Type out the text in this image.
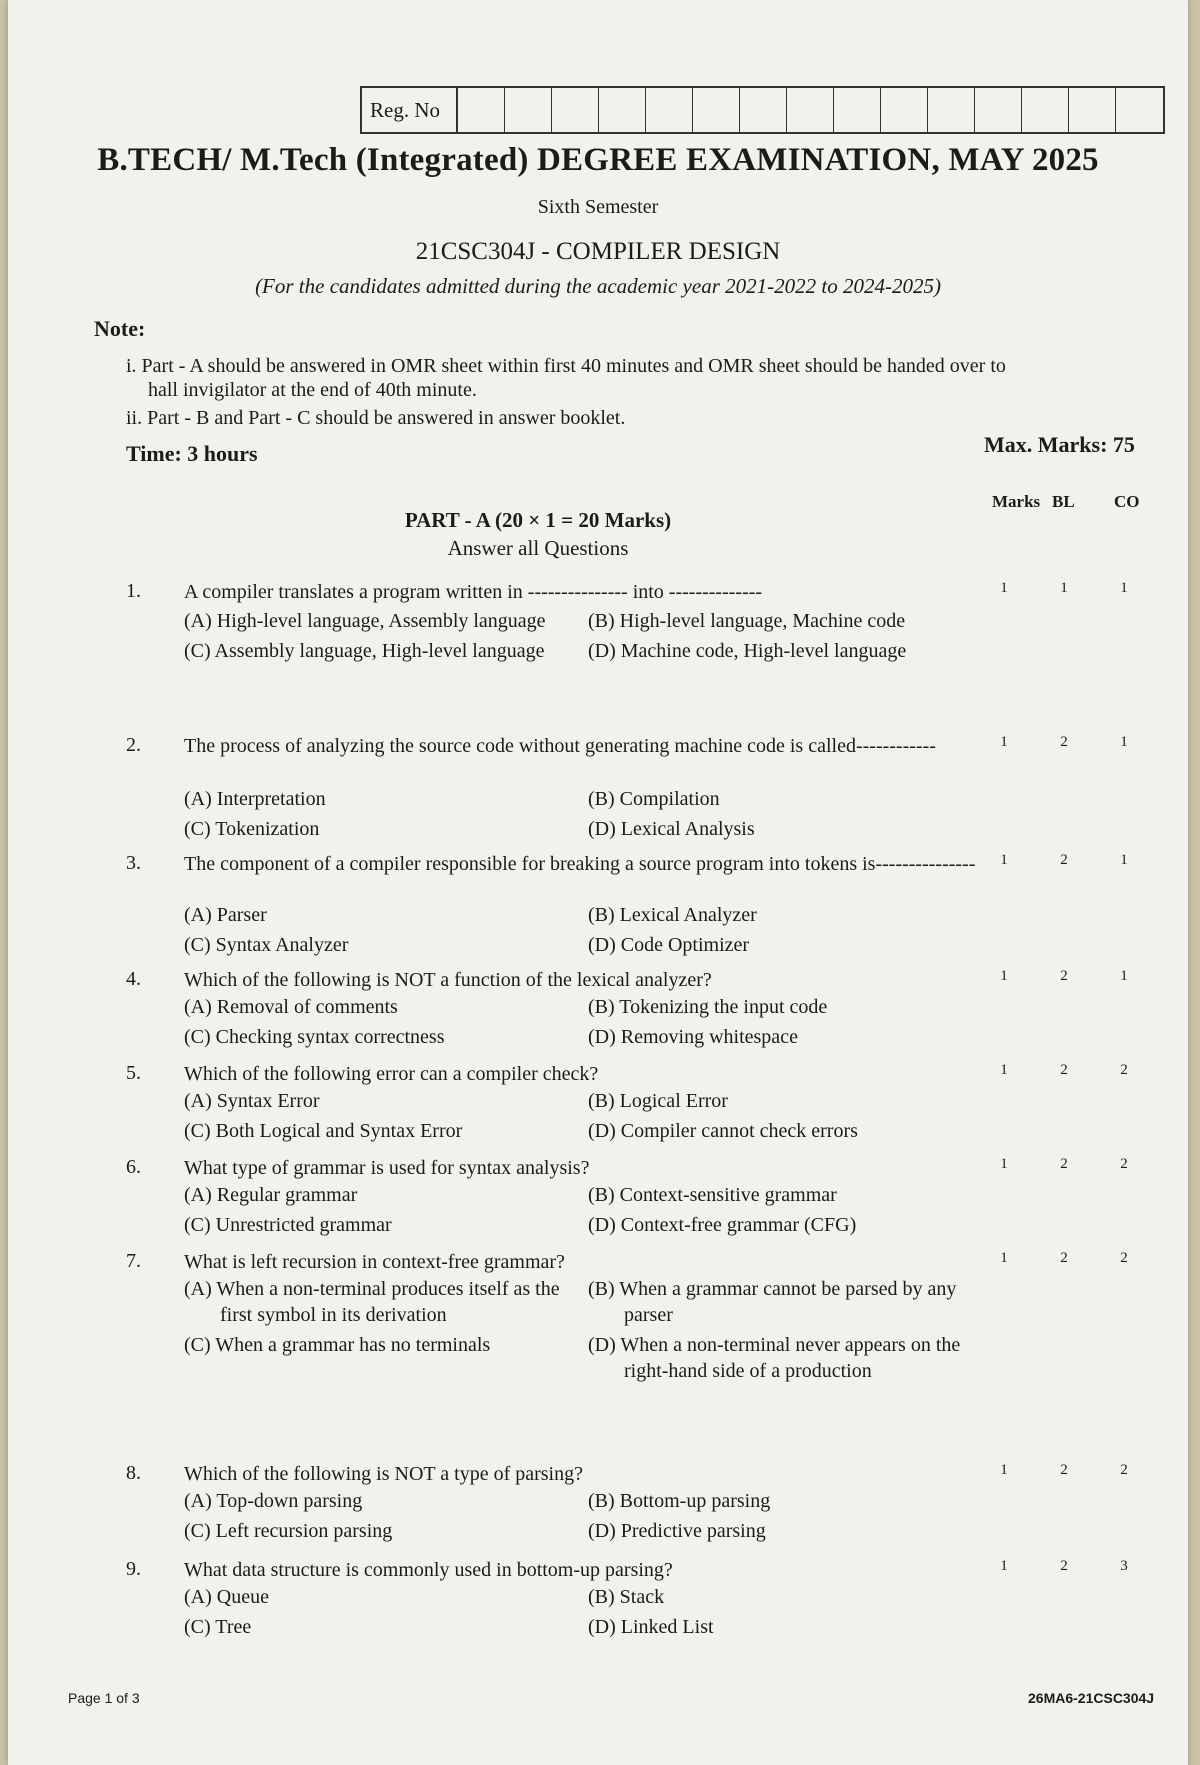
Reg. No
B.TECH/ M.Tech (Integrated) DEGREE EXAMINATION, MAY 2025
Sixth Semester
21CSC304J - COMPILER DESIGN
(For the candidates admitted during the academic year 2021-2022 to 2024-2025)
Note:
i. Part - A should be answered in OMR sheet within first 40 minutes and OMR sheet should be handed over to
hall invigilator at the end of 40th minute.
ii. Part - B and Part - C should be answered in answer booklet.
Time: 3 hours	Max. Marks: 75
Marks BL CO
PART - A (20 × 1 = 20 Marks)
Answer all Questions
1.	A compiler translates a program written in --------------- into --------------
(A) High-level language, Assembly language	(B) High-level language, Machine code
(C) Assembly language, High-level language	(D) Machine code, High-level language
1	1	1
2.	The process of analyzing the source code without generating machine code is called------------
(A) Interpretation	(B) Compilation
(C) Tokenization	(D) Lexical Analysis
1	2	1
3.	The component of a compiler responsible for breaking a source program into tokens is---------------
(A) Parser	(B) Lexical Analyzer
(C) Syntax Analyzer	(D) Code Optimizer
1	2	1
4.	Which of the following is NOT a function of the lexical analyzer?
(A) Removal of comments	(B) Tokenizing the input code
(C) Checking syntax correctness	(D) Removing whitespace
1	2	1
5.	Which of the following error can a compiler check?
(A) Syntax Error	(B) Logical Error
(C) Both Logical and Syntax Error	(D) Compiler cannot check errors
1	2	2
6.	What type of grammar is used for syntax analysis?
(A) Regular grammar	(B) Context-sensitive grammar
(C) Unrestricted grammar	(D) Context-free grammar (CFG)
1	2	2
7.	What is left recursion in context-free grammar?
(A) When a non-terminal produces itself as the first symbol in its derivation
(B) When a grammar cannot be parsed by any parser
(C) When a grammar has no terminals	(D) When a non-terminal never appears on the right-hand side of a production
1	2	2
8.	Which of the following is NOT a type of parsing?
(A) Top-down parsing	(B) Bottom-up parsing
(C) Left recursion parsing	(D) Predictive parsing
1	2	2
9.	What data structure is commonly used in bottom-up parsing?
(A) Queue	(B) Stack
(C) Tree	(D) Linked List
1	2	3
Page 1 of 3	26MA6-21CSC304J
